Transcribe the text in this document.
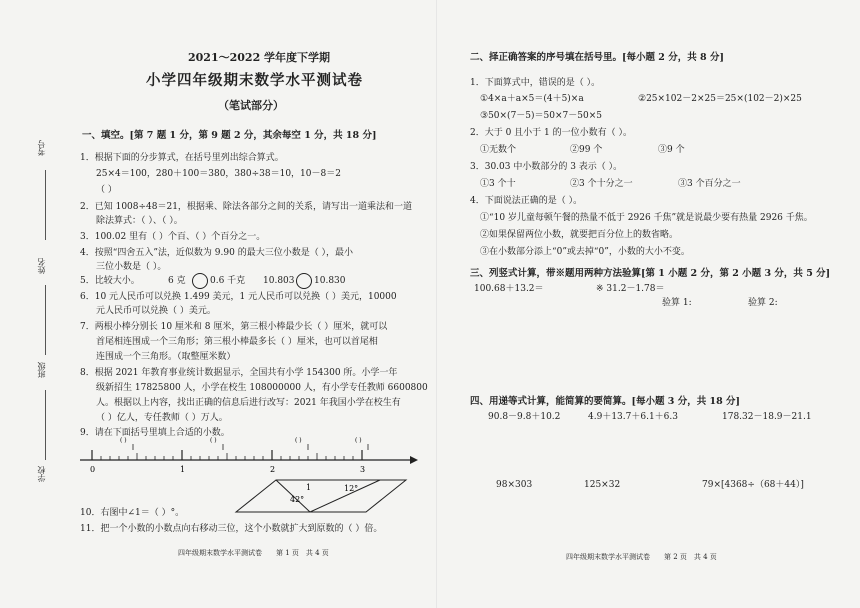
2021～2022 学年度下学期
小学四年级期末数学水平测试卷
（笔试部分）
考号
姓名
班级
学校
一、填空。[第 7 题 1 分，第 9 题 2 分，其余每空 1 分，共 18 分]
1．根据下面的分步算式，在括号里列出综合算式。
25×4＝100，280＋100＝380，380÷38＝10，10－8＝2
（ ）
2．已知 1008÷48＝21，根据乘、除法各部分之间的关系，请写出一道乘法和一道
除法算式：（ ）、（ ）。
3．100.02 里有（ ）个百、（ ）个百分之一。
4．按照“四舍五入”法，近似数为 9.90 的最大三位小数是（ ），最小
三位小数是（ ）。
5．比较大小。	6 克	0.6 千克 10.803 10.830
6．10 元人民币可以兑换 1.499 美元，1 元人民币可以兑换（ ）美元，10000
元人民币可以兑换（ ）美元。
7．两根小棒分别长 10 厘米和 8 厘米，第三根小棒最少长（ ）厘米，就可以
首尾相连围成一个三角形；第三根小棒最多长（ ）厘米，也可以首尾相
连围成一个三角形。（取整厘米数）
8．根据 2021 年教育事业统计数据显示，全国共有小学 154300 所。小学一年
级新招生 17825800 人，小学在校生 108000000 人，有小学专任教师 6600800
人。根据以上内容，找出正确的信息后进行改写：2021 年我国小学在校生有
（ ）亿人，专任教师（ ）万人。
9．请在下面括号里填上合适的小数。
0	1	2	3
( )	( )	( )	( )
42°
12°
1
10．右图中∠1＝（ ）°。
11．把一个小数的小数点向右移动三位，这个小数就扩大到原数的（ ）倍。
四年级期末数学水平测试卷　　第 1 页　共 4 页
二、择正确答案的序号填在括号里。[每小题 2 分，共 8 分]
1．下面算式中，错误的是（ ）。
①4×a＋a×5＝(4＋5)×a	②25×102－2×25＝25×(102－2)×25
③50×(7－5)＝50×7－50×5
2．大于 0 且小于 1 的一位小数有（ ）。
①无数个	②99 个	③9 个
3．30.03 中小数部分的 3 表示（ ）。
①3 个十	②3 个十分之一	③3 个百分之一
4．下面说法正确的是（ ）。
①“10 岁儿童每顿午餐的热量不低于 2926 千焦”就是说最少要有热量 2926 千焦。
②如果保留两位小数，就要把百分位上的数省略。
③在小数部分添上“0”或去掉“0”，小数的大小不变。
三、列竖式计算，带※题用两种方法验算[第 1 小题 2 分，第 2 小题 3 分，共 5 分]
100.68＋13.2＝	※ 31.2－1.78＝
验算 1:	验算 2:
四、用递等式计算，能简算的要简算。[每小题 3 分，共 18 分]
90.8－9.8＋10.2	4.9＋13.7＋6.1＋6.3	178.32－18.9－21.1
98×303	125×32	79×[4368÷（68＋44）]
四年级期末数学水平测试卷　　第 2 页　共 4 页
